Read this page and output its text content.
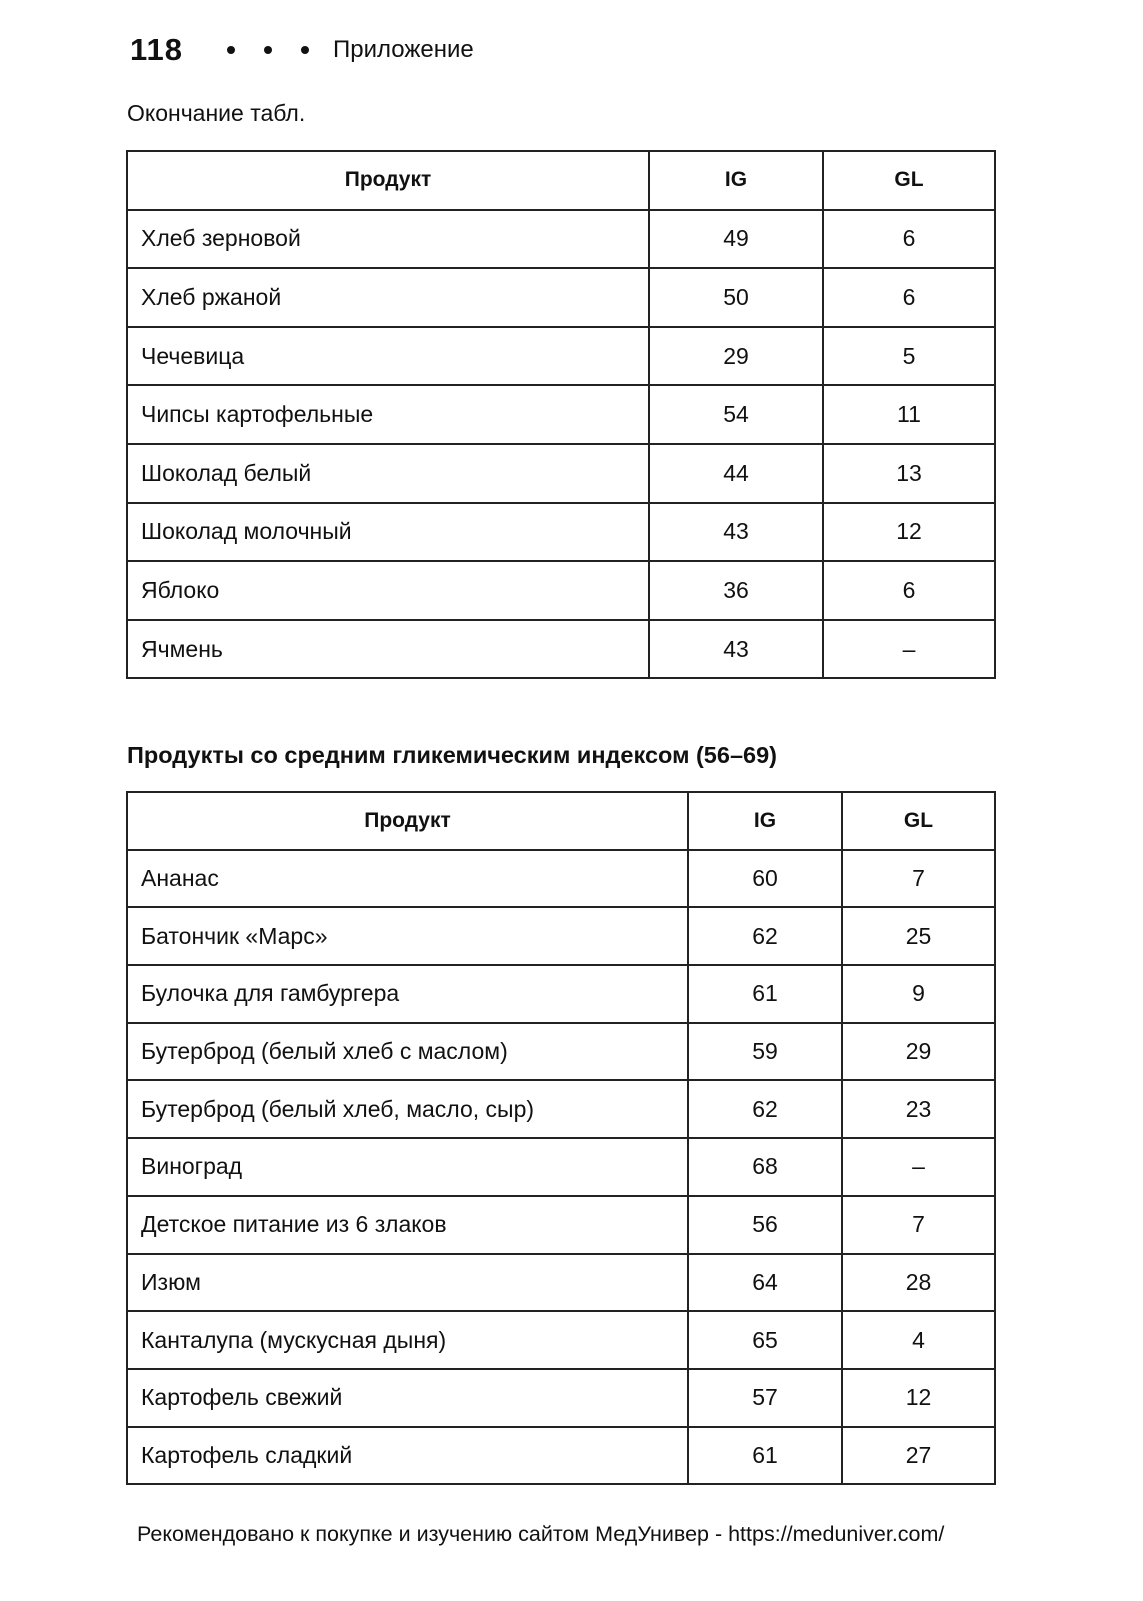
118	Приложение
Окончание табл.
Продукт	IG	GL
Хлеб зерновой	49	6
Хлеб ржаной	50	6
Чечевица	29	5
Чипсы картофельные	54	11
Шоколад белый	44	13
Шоколад молочный	43	12
Яблоко	36	6
Ячмень	43	–
Продукты со средним гликемическим индексом (56–69)
Продукт	IG	GL
Ананас	60	7
Батончик «Марс»	62	25
Булочка для гамбургера	61	9
Бутерброд (белый хлеб с маслом)	59	29
Бутерброд (белый хлеб, масло, сыр)	62	23
Виноград	68	–
Детское питание из 6 злаков	56	7
Изюм	64	28
Канталупа (мускусная дыня)	65	4
Картофель свежий	57	12
Картофель сладкий	61	27
Рекомендовано к покупке и изучению сайтом МедУнивер - https://meduniver.com/
